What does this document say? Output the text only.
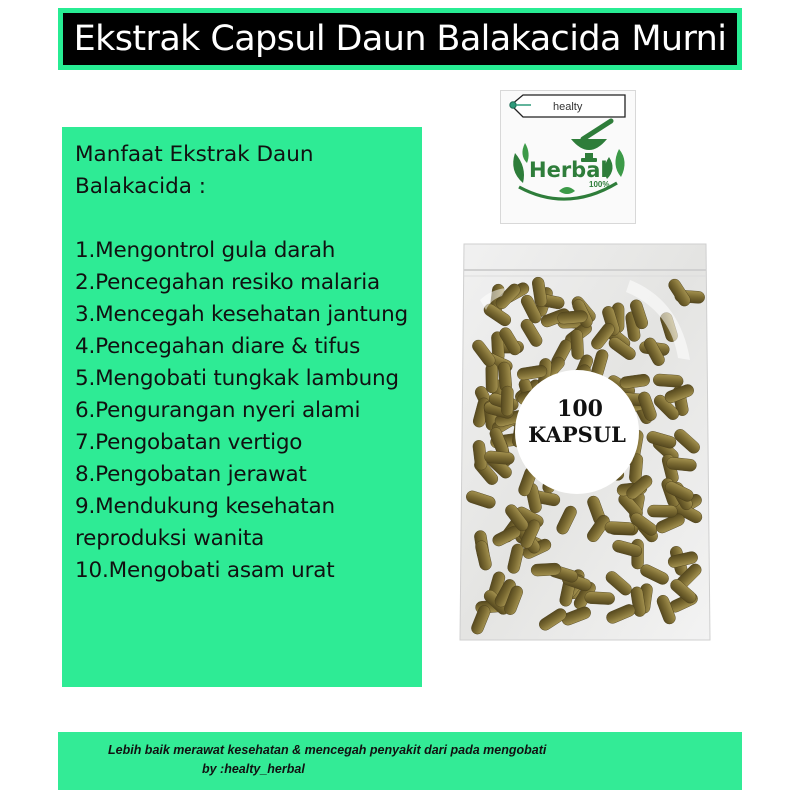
Ekstrak Capsul Daun Balakacida Murni
Manfaat Ekstrak Daun
Balakacida :
1.Mengontrol gula darah
2.Pencegahan resiko malaria
3.Mencegah kesehatan jantung
4.Pencegahan diare & tifus
5.Mengobati tungkak lambung
6.Pengurangan nyeri alami
7.Pengobatan vertigo
8.Pengobatan jerawat
9.Mendukung kesehatan reproduksi wanita
10.Mengobati asam urat
healty
Herbal
100%
100
KAPSUL
Lebih baik merawat kesehatan & mencegah penyakit dari pada mengobati
by :healty_herbal
